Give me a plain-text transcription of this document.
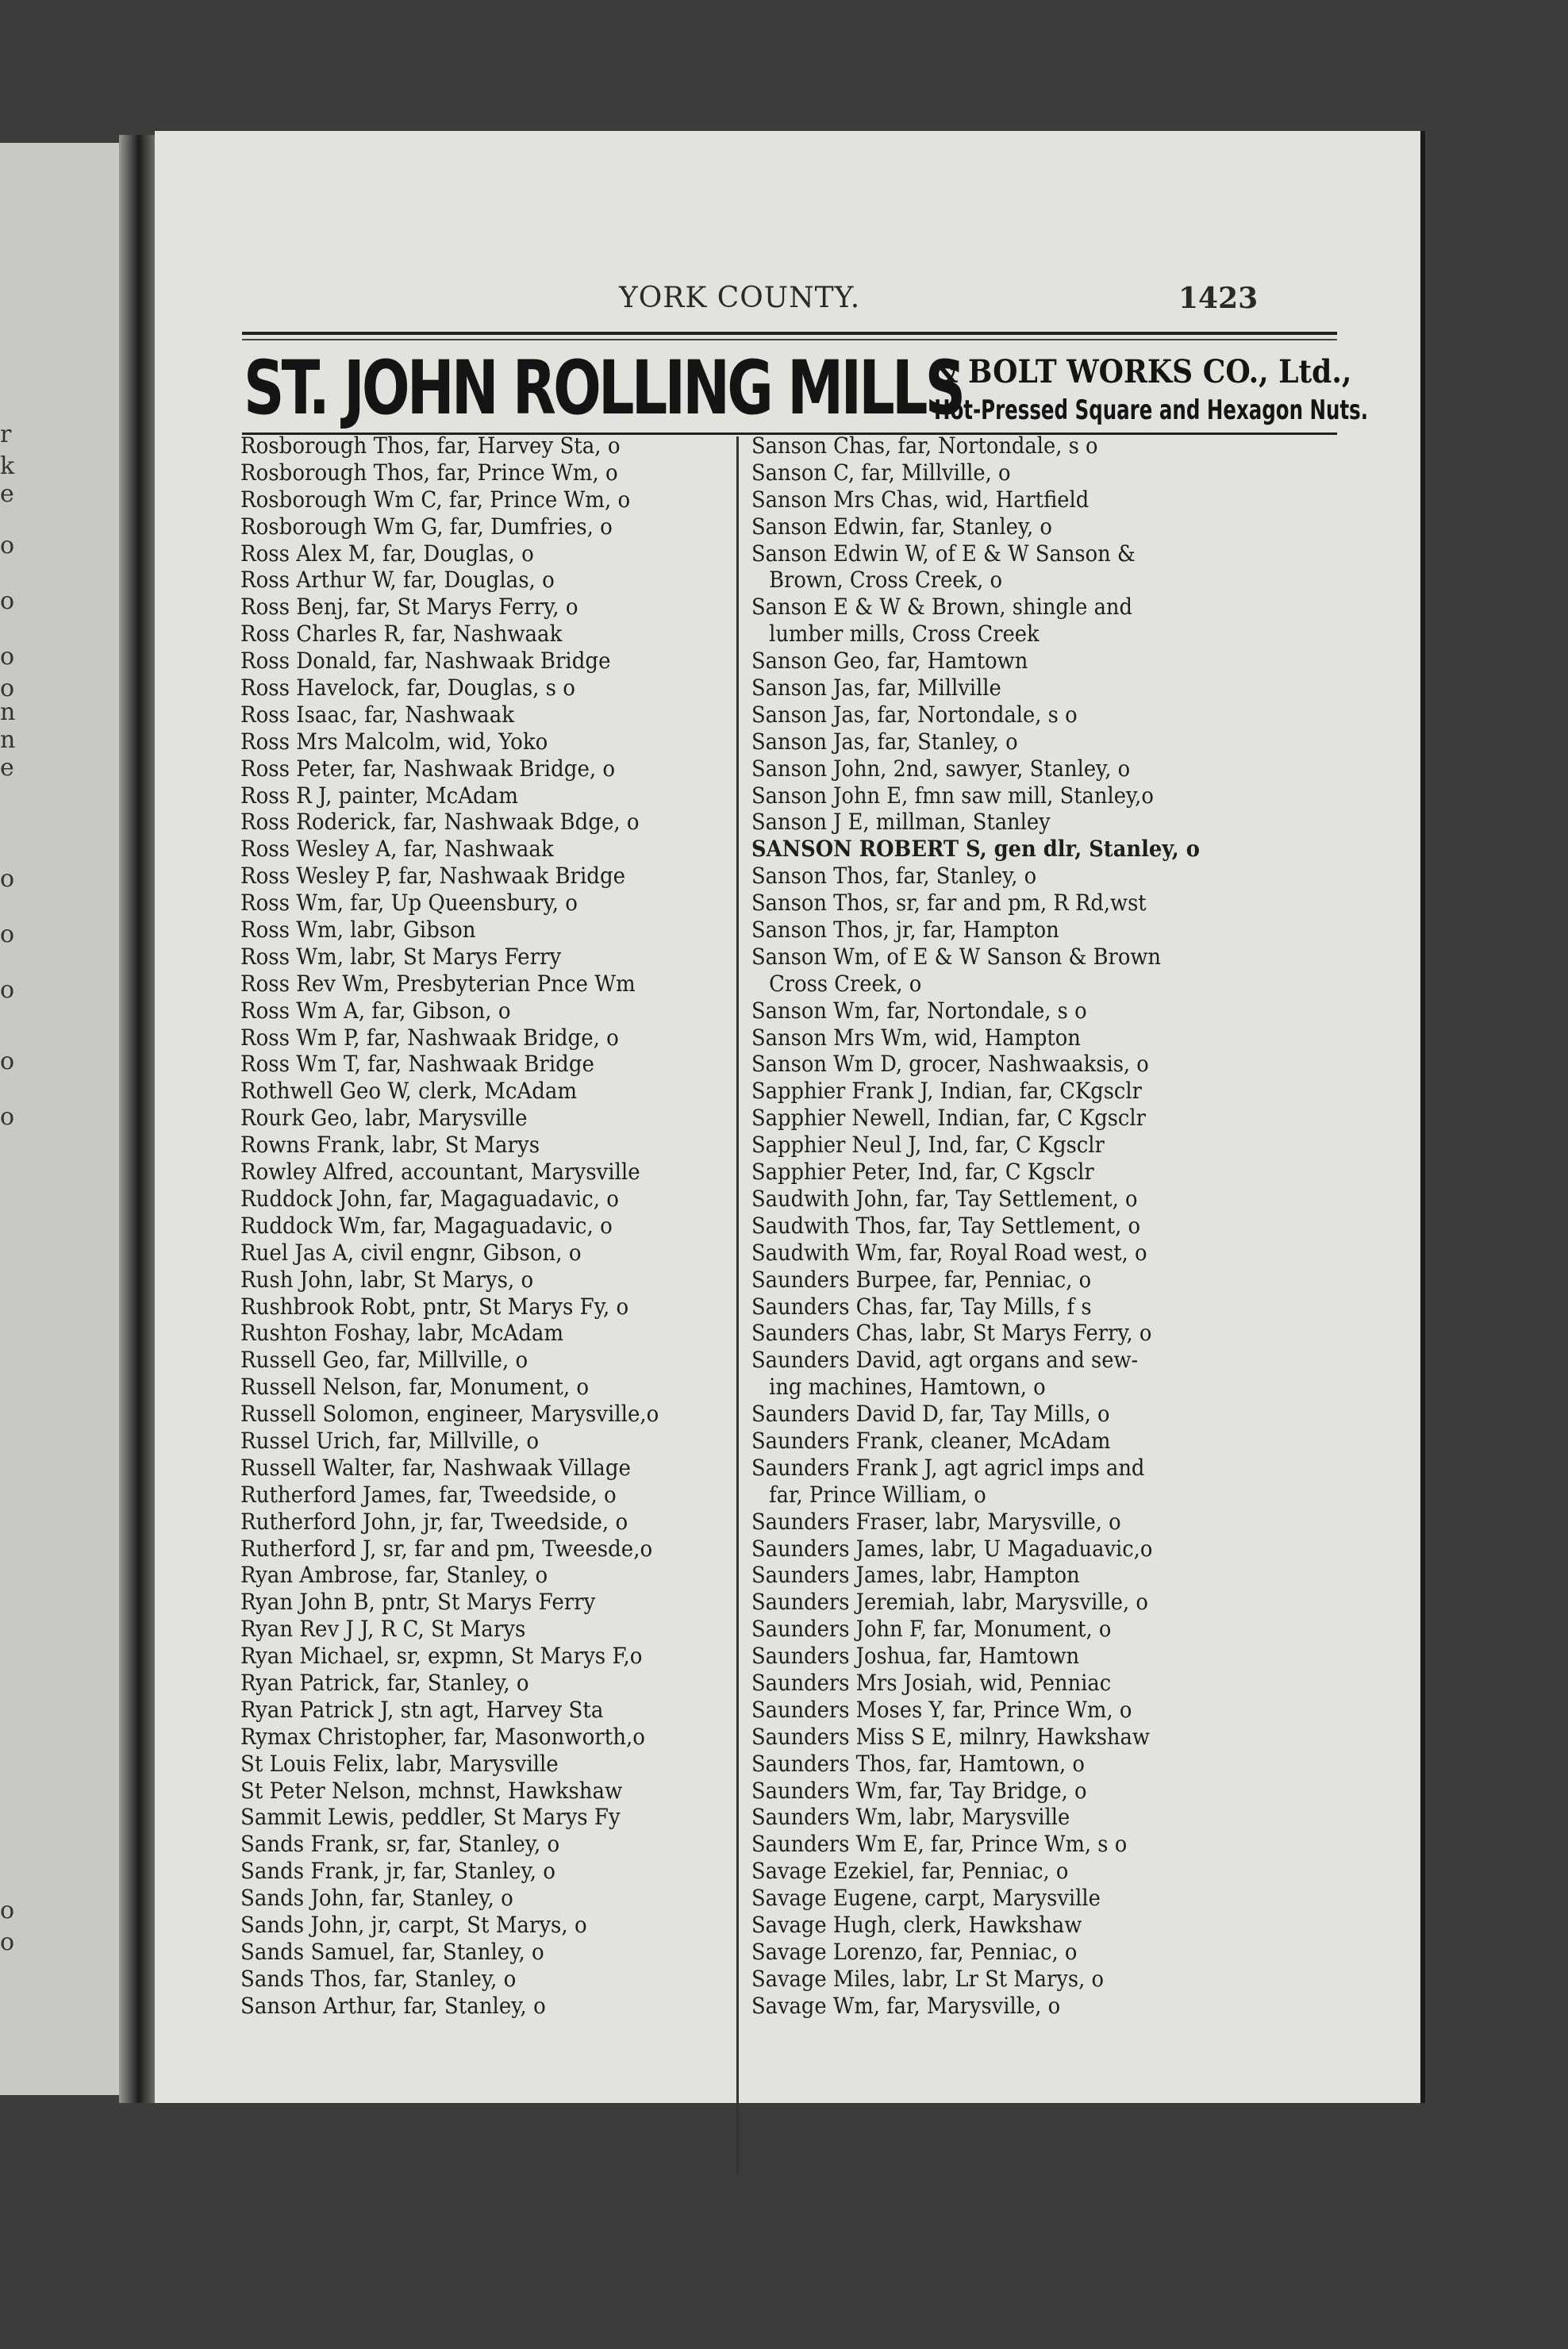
r
k
e
o
o
o
o
n
n
e
o
o
o
o
o
o
o
YORK COUNTY.	1423
ST. JOHN ROLLING MILLS
& BOLT WORKS CO., Ltd.,
Hot-Pressed Square and Hexagon Nuts.
Rosborough Thos, far, Harvey Sta, o
Rosborough Thos, far, Prince Wm, o
Rosborough Wm C, far, Prince Wm, o
Rosborough Wm G, far, Dumfries, o
Ross Alex M, far, Douglas, o
Ross Arthur W, far, Douglas, o
Ross Benj, far, St Marys Ferry, o
Ross Charles R, far, Nashwaak
Ross Donald, far, Nashwaak Bridge
Ross Havelock, far, Douglas, s o
Ross Isaac, far, Nashwaak
Ross Mrs Malcolm, wid, Yoko
Ross Peter, far, Nashwaak Bridge, o
Ross R J, painter, McAdam
Ross Roderick, far, Nashwaak Bdge, o
Ross Wesley A, far, Nashwaak
Ross Wesley P, far, Nashwaak Bridge
Ross Wm, far, Up Queensbury, o
Ross Wm, labr, Gibson
Ross Wm, labr, St Marys Ferry
Ross Rev Wm, Presbyterian Pnce Wm
Ross Wm A, far, Gibson, o
Ross Wm P, far, Nashwaak Bridge, o
Ross Wm T, far, Nashwaak Bridge
Rothwell Geo W, clerk, McAdam
Rourk Geo, labr, Marysville
Rowns Frank, labr, St Marys
Rowley Alfred, accountant, Marysville
Ruddock John, far, Magaguadavic, o
Ruddock Wm, far, Magaguadavic, o
Ruel Jas A, civil engnr, Gibson, o
Rush John, labr, St Marys, o
Rushbrook Robt, pntr, St Marys Fy, o
Rushton Foshay, labr, McAdam
Russell Geo, far, Millville, o
Russell Nelson, far, Monument, o
Russell Solomon, engineer, Marysville,o
Russel Urich, far, Millville, o
Russell Walter, far, Nashwaak Village
Rutherford James, far, Tweedside, o
Rutherford John, jr, far, Tweedside, o
Rutherford J, sr, far and pm, Tweesde,o
Ryan Ambrose, far, Stanley, o
Ryan John B, pntr, St Marys Ferry
Ryan Rev J J, R C, St Marys
Ryan Michael, sr, expmn, St Marys F,o
Ryan Patrick, far, Stanley, o
Ryan Patrick J, stn agt, Harvey Sta
Rymax Christopher, far, Masonworth,o
St Louis Felix, labr, Marysville
St Peter Nelson, mchnst, Hawkshaw
Sammit Lewis, peddler, St Marys Fy
Sands Frank, sr, far, Stanley, o
Sands Frank, jr, far, Stanley, o
Sands John, far, Stanley, o
Sands John, jr, carpt, St Marys, o
Sands Samuel, far, Stanley, o
Sands Thos, far, Stanley, o
Sanson Arthur, far, Stanley, o
Sanson Chas, far, Nortondale, s o
Sanson C, far, Millville, o
Sanson Mrs Chas, wid, Hartfield
Sanson Edwin, far, Stanley, o
Sanson Edwin W, of E & W Sanson &
Brown, Cross Creek, o
Sanson E & W & Brown, shingle and
lumber mills, Cross Creek
Sanson Geo, far, Hamtown
Sanson Jas, far, Millville
Sanson Jas, far, Nortondale, s o
Sanson Jas, far, Stanley, o
Sanson John, 2nd, sawyer, Stanley, o
Sanson John E, fmn saw mill, Stanley,o
Sanson J E, millman, Stanley
SANSON ROBERT S, gen dlr, Stanley, o
Sanson Thos, far, Stanley, o
Sanson Thos, sr, far and pm, R Rd,wst
Sanson Thos, jr, far, Hampton
Sanson Wm, of E & W Sanson & Brown
Cross Creek, o
Sanson Wm, far, Nortondale, s o
Sanson Mrs Wm, wid, Hampton
Sanson Wm D, grocer, Nashwaaksis, o
Sapphier Frank J, Indian, far, CKgsclr
Sapphier Newell, Indian, far, C Kgsclr
Sapphier Neul J, Ind, far, C Kgsclr
Sapphier Peter, Ind, far, C Kgsclr
Saudwith John, far, Tay Settlement, o
Saudwith Thos, far, Tay Settlement, o
Saudwith Wm, far, Royal Road west, o
Saunders Burpee, far, Penniac, o
Saunders Chas, far, Tay Mills, f s
Saunders Chas, labr, St Marys Ferry, o
Saunders David, agt organs and sew-
ing machines, Hamtown, o
Saunders David D, far, Tay Mills, o
Saunders Frank, cleaner, McAdam
Saunders Frank J, agt agricl imps and
far, Prince William, o
Saunders Fraser, labr, Marysville, o
Saunders James, labr, U Magaduavic,o
Saunders James, labr, Hampton
Saunders Jeremiah, labr, Marysville, o
Saunders John F, far, Monument, o
Saunders Joshua, far, Hamtown
Saunders Mrs Josiah, wid, Penniac
Saunders Moses Y, far, Prince Wm, o
Saunders Miss S E, milnry, Hawkshaw
Saunders Thos, far, Hamtown, o
Saunders Wm, far, Tay Bridge, o
Saunders Wm, labr, Marysville
Saunders Wm E, far, Prince Wm, s o
Savage Ezekiel, far, Penniac, o
Savage Eugene, carpt, Marysville
Savage Hugh, clerk, Hawkshaw
Savage Lorenzo, far, Penniac, o
Savage Miles, labr, Lr St Marys, o
Savage Wm, far, Marysville, o
